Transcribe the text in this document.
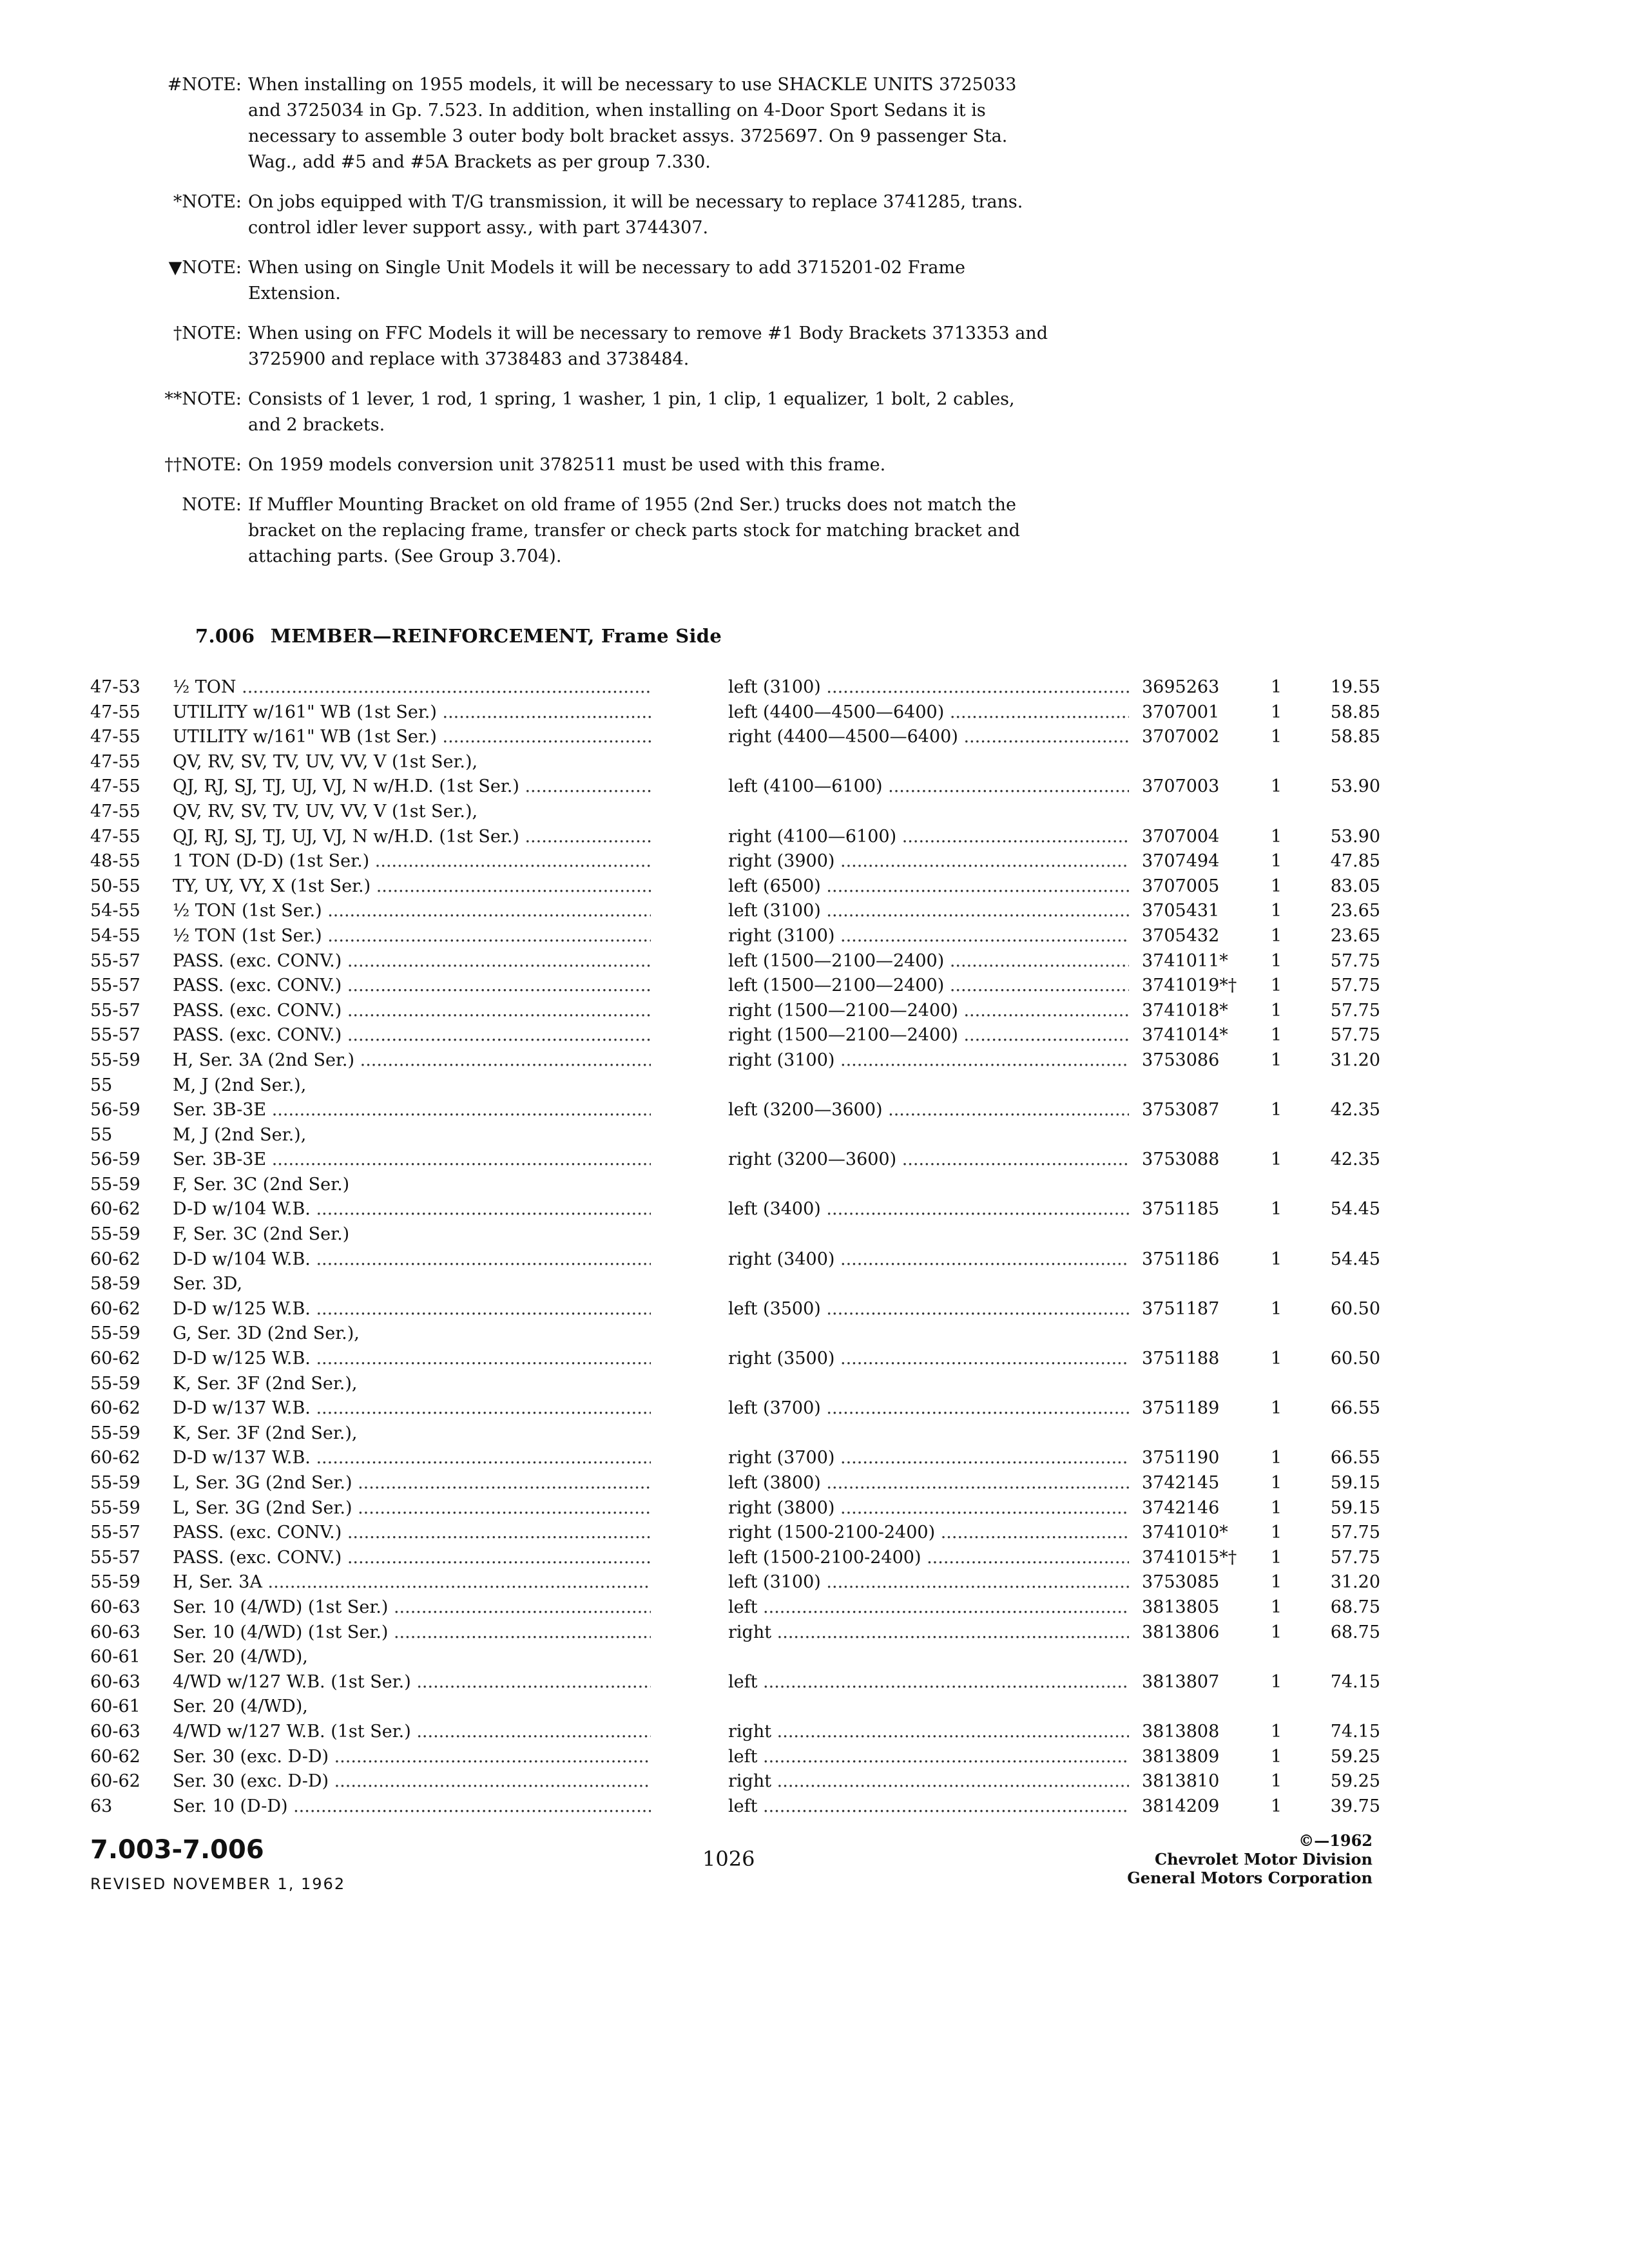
#NOTE: When installing on 1955 models, it will be necessary to use SHACKLE UNITS 3725033 and 3725034 in Gp. 7.523. In addition, when installing on 4-Door Sport Sedans it is necessary to assemble 3 outer body bolt bracket assys. 3725697. On 9 passenger Sta. Wag., add #5 and #5A Brackets as per group 7.330.
*NOTE: On jobs equipped with T/G transmission, it will be necessary to replace 3741285, trans. control idler lever support assy., with part 3744307.
▼NOTE: When using on Single Unit Models it will be necessary to add 3715201-02 Frame Extension.
†NOTE: When using on FFC Models it will be necessary to remove #1 Body Brackets 3713353 and 3725900 and replace with 3738483 and 3738484.
**NOTE: Consists of 1 lever, 1 rod, 1 spring, 1 washer, 1 pin, 1 clip, 1 equalizer, 1 bolt, 2 cables, and 2 brackets.
††NOTE: On 1959 models conversion unit 3782511 must be used with this frame.
NOTE: If Muffler Mounting Bracket on old frame of 1955 (2nd Ser.) trucks does not match the bracket on the replacing frame, transfer or check parts stock for matching bracket and attaching parts. (See Group 3.704).
7.006 MEMBER—REINFORCEMENT, Frame Side
47-53	½ TON .....	left (3100) .....	3695263	1	19.55
47-55	UTILITY w/161" WB (1st Ser.) .....	left (4400—4500—6400) .....	3707001	1	58.85
47-55	UTILITY w/161" WB (1st Ser.) .....	right (4400—4500—6400) .....	3707002	1	58.85
47-55	QV, RV, SV, TV, UV, VV, V (1st Ser.),
47-55	QJ, RJ, SJ, TJ, UJ, VJ, N w/H.D. (1st Ser.) .....	left (4100—6100) .....	3707003	1	53.90
47-55	QV, RV, SV, TV, UV, VV, V (1st Ser.),
47-55	QJ, RJ, SJ, TJ, UJ, VJ, N w/H.D. (1st Ser.) .....	right (4100—6100) .....	3707004	1	53.90
48-55	1 TON (D-D) (1st Ser.) .....	right (3900) .....	3707494	1	47.85
50-55	TY, UY, VY, X (1st Ser.) .....	left (6500) .....	3707005	1	83.05
54-55	½ TON (1st Ser.) .....	left (3100) .....	3705431	1	23.65
54-55	½ TON (1st Ser.) .....	right (3100) .....	3705432	1	23.65
55-57	PASS. (exc. CONV.) .....	left (1500—2100—2400) .....	3741011*	1	57.75
55-57	PASS. (exc. CONV.) .....	left (1500—2100—2400) .....	3741019*†	1	57.75
55-57	PASS. (exc. CONV.) .....	right (1500—2100—2400) .....	3741018*	1	57.75
55-57	PASS. (exc. CONV.) .....	right (1500—2100—2400) .....	3741014*	1	57.75
55-59	H, Ser. 3A (2nd Ser.) .....	right (3100) .....	3753086	1	31.20
55	M, J (2nd Ser.),
56-59	Ser. 3B-3E .....	left (3200—3600) .....	3753087	1	42.35
55	M, J (2nd Ser.),
56-59	Ser. 3B-3E .....	right (3200—3600) .....	3753088	1	42.35
55-59	F, Ser. 3C (2nd Ser.)
60-62	D-D w/104 W.B. .....	left (3400) .....	3751185	1	54.45
55-59	F, Ser. 3C (2nd Ser.)
60-62	D-D w/104 W.B. .....	right (3400) .....	3751186	1	54.45
58-59	Ser. 3D,
60-62	D-D w/125 W.B. .....	left (3500) .....	3751187	1	60.50
55-59	G, Ser. 3D (2nd Ser.),
60-62	D-D w/125 W.B. .....	right (3500) .....	3751188	1	60.50
55-59	K, Ser. 3F (2nd Ser.),
60-62	D-D w/137 W.B. .....	left (3700) .....	3751189	1	66.55
55-59	K, Ser. 3F (2nd Ser.),
60-62	D-D w/137 W.B. .....	right (3700) .....	3751190	1	66.55
55-59	L, Ser. 3G (2nd Ser.) .....	left (3800) .....	3742145	1	59.15
55-59	L, Ser. 3G (2nd Ser.) .....	right (3800) .....	3742146	1	59.15
55-57	PASS. (exc. CONV.) .....	right (1500-2100-2400) .....	3741010*	1	57.75
55-57	PASS. (exc. CONV.) .....	left (1500-2100-2400) .....	3741015*†	1	57.75
55-59	H, Ser. 3A .....	left (3100) .....	3753085	1	31.20
60-63	Ser. 10 (4/WD) (1st Ser.) .....	left .....	3813805	1	68.75
60-63	Ser. 10 (4/WD) (1st Ser.) .....	right .....	3813806	1	68.75
60-61	Ser. 20 (4/WD),
60-63	4/WD w/127 W.B. (1st Ser.) .....	left .....	3813807	1	74.15
60-61	Ser. 20 (4/WD),
60-63	4/WD w/127 W.B. (1st Ser.) .....	right .....	3813808	1	74.15
60-62	Ser. 30 (exc. D-D) .....	left .....	3813809	1	59.25
60-62	Ser. 30 (exc. D-D) .....	right .....	3813810	1	59.25
63	Ser. 10 (D-D) .....	left .....	3814209	1	39.75
7.003-7.006
REVISED NOVEMBER 1, 1962
1026
©—1962
Chevrolet Motor Division
General Motors Corporation
